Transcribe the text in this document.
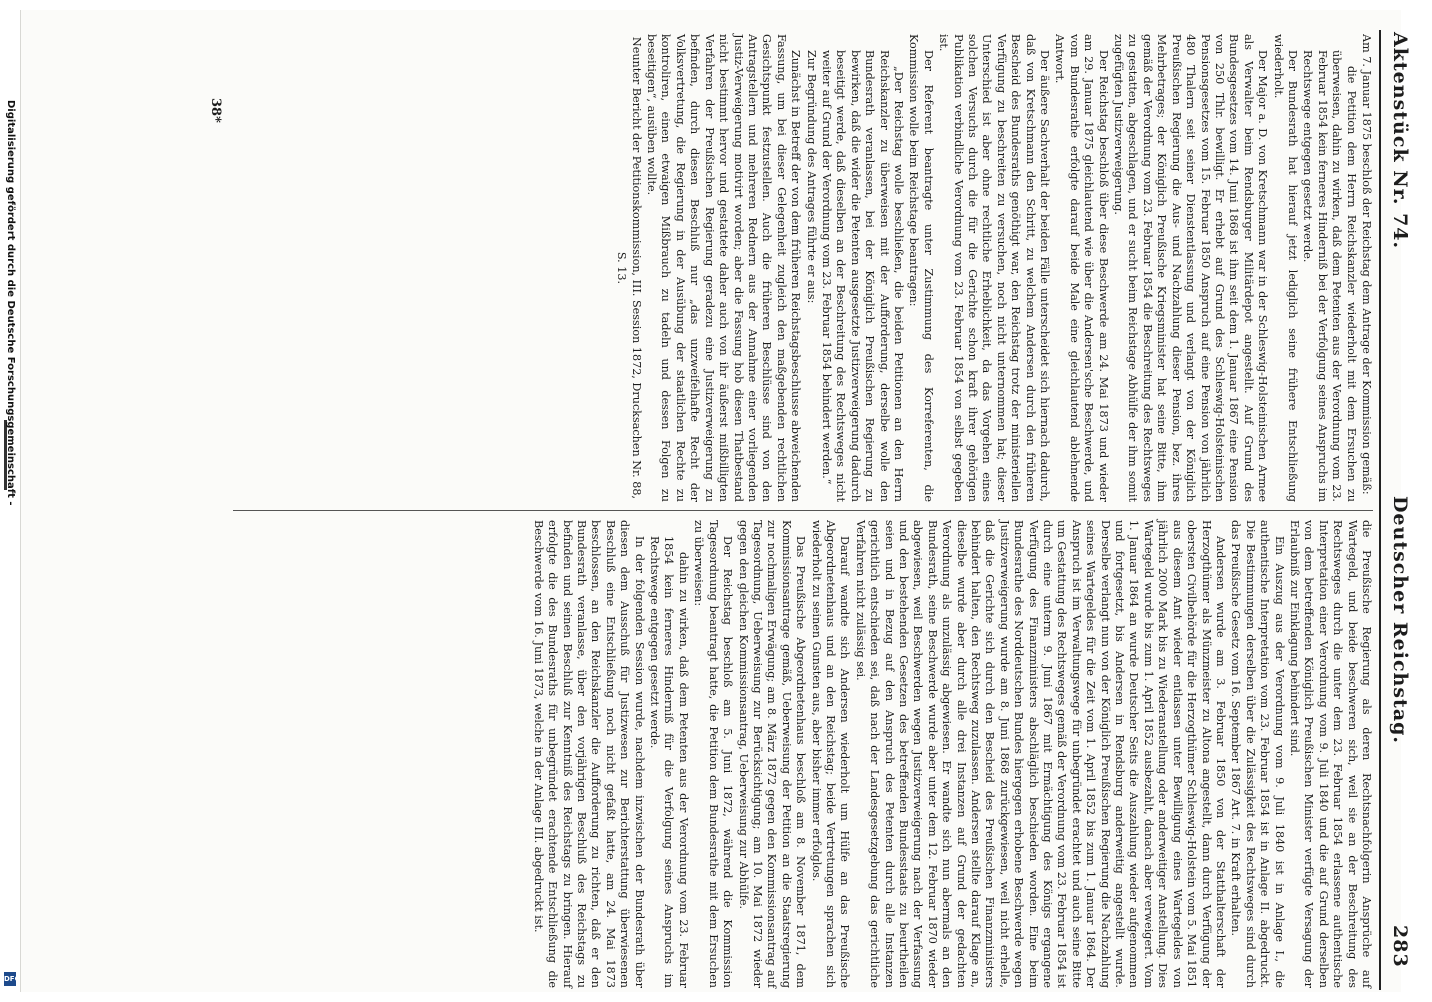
Aktenstück Nr. 74.
Deutscher Reichstag.
283

Am 7. Januar 1875 beschloß der Reichstag dem Antrage der Kommission gemäß:

die Petition dem Herrn Reichskanzler wiederholt mit dem Ersuchen zu überweisen, dahin zu wirken, daß dem Petenten aus der Verordnung vom 23. Februar 1854 kein ferneres Hinderniß bei der Verfolgung seines Anspruchs im Rechtswege entgegen gesetzt werde.

Der Bundesrath hat hierauf jetzt lediglich seine frühere Entschließung wiederholt.

Der Major a. D. von Kretschmann war in der Schleswig-Holsteinischen Armee als Verwalter beim Rendsburger Militärdepot angestellt. Auf Grund des Bundesgesetzes vom 14. Juni 1868 ist ihm seit dem 1. Januar 1867 eine Pension von 250 Thlr. bewilligt. Er erhebt auf Grund des Schleswig-Holsteinischen Pensionsgesetzes vom 15. Februar 1850 Anspruch auf eine Pension von jährlich 480 Thalern seit seiner Dienstentlassung und verlangt von der Königlich Preußischen Regierung die Aus- und Nachzahlung dieser Pension, bez. ihres Mehrbetrages; der Königlich Preußische Kriegsminister hat seine Bitte, ihm gemäß der Verordnung vom 23. Februar 1854 die Beschreitung des Rechtsweges zu gestatten, abgeschlagen, und er sucht beim Reichstage Abhülfe der ihm somit zugefügten Justizverweigerung.

Der Reichstag beschloß über diese Beschwerde am 24. Mai 1873 und wieder am 29. Januar 1875 gleichlautend wie über die Andersen'sche Beschwerde, und vom Bundesrathe erfolgte darauf beide Male eine gleichlautend ablehnende Antwort.

Der äußere Sachverhalt der beiden Fälle unterscheidet sich hiernach dadurch, daß von Kretschmann den Schritt, zu welchem Andersen durch den früheren Bescheid des Bundesraths genöthigt war, den Reichstag trotz der ministeriellen Verfügung zu beschreiten zu versuchen, noch nicht unternommen hat; dieser Unterschied ist aber ohne rechtliche Erheblichkeit, da das Vorgehen eines solchen Versuchs durch die für die Gerichte schon kraft ihrer gehörigen Publikation verbindliche Verordnung vom 23. Februar 1854 von selbst gegeben ist.

Der Referent beantragte unter Zustimmung des Korreferenten, die Kommission wolle beim Reichstage beantragen:

„Der Reichstag wolle beschließen, die beiden Petitionen an den Herrn Reichskanzler zu überweisen mit der Aufforderung, derselbe wolle den Bundesrath veranlassen, bei der Königlich Preußischen Regierung zu bewirken, daß die wider die Petenten ausgesetzte Justizverweigerung dadurch beseitigt werde, daß dieselben an der Beschreitung des Rechtsweges nicht weiter auf Grund der Verordnung vom 23. Februar 1854 behindert werden.“

Zur Begründung des Antrages führte er aus:

Zunächst in Betreff der von dem früheren Reichstagsbeschlusse abweichenden Fassung, um bei dieser Gelegenheit zugleich den maßgebenden rechtlichen Gesichtspunkt festzustellen. Auch die früheren Beschlüsse sind von den Antragstellern und mehreren Rednern aus der Annahme einer vorliegenden Justiz-Verweigerung motivirt worden; aber die Fassung hob diesen Thatbestand nicht bestimmt hervor und gestattete daher auch von ihr äußerst mißbilligten Verfahren der Preußischen Regierung geradezu eine Justizverweigerung zu befinden, durch diesen Beschluß nur „das unzweifelhafte Recht der Volksvertretung, die Regierung in der Ausübung der staatlichen Rechte zu kontroliren, einen etwaigen Mißbrauch zu tadeln und dessen Folgen zu beseitigen“, ausüben wollte.

Neunter Bericht der Petitionskommission, III. Session 1872, Drucksachen Nr. 88, S. 13.

die Preußische Regierung als deren Rechtsnachfolgerin Ansprüche auf Wartegeld, und beide beschweren sich, weil sie an der Beschreitung des Rechtsweges durch die unter dem 23. Februar 1854 erlassene authentische Interpretation einer Verordnung vom 9. Juli 1840 und die auf Grund derselben von dem betreffenden Königlich Preußischen Minister verfügte Versagung der Erlaubniß zur Einklagung behindert sind.

Ein Auszug aus der Verordnung vom 9. Juli 1840 ist in Anlage I., die authentische Interpretation vom 23. Februar 1854 ist in Anlage II. abgedruckt. Die Bestimmungen derselben über die Zulässigkeit des Rechtsweges sind durch das Preußische Gesetz vom 16. September 1867 Art. 7. in Kraft erhalten.

Andersen wurde am 3. Februar 1850 von der Statthalterschaft der Herzogthümer als Münzmeister zu Altona angestellt, dann durch Verfügung der obersten Civilbehörde für die Herzogthümer Schleswig-Holstein vom 5. Mai 1851 aus diesem Amt wieder entlassen unter Bewilligung eines Wartegeldes von jährlich 2000 Mark bis zu Wiederanstellung oder anderweitiger Anstellung. Dies Wartegeld wurde bis zum 1. April 1852 ausbezahlt, danach aber verweigert. Vom 1. Januar 1864 an wurde Deutscher Seits die Auszahlung wieder aufgenommen und fortgesetzt, bis Andersen in Rendsburg anderweitig angestellt wurde. Derselbe verlangt nun von der Königlich Preußischen Regierung die Nachzahlung seines Wartegeldes für die Zeit vom 1. April 1852 bis zum 1. Januar 1864. Der Anspruch ist im Verwaltungswege für unbegründet erachtet und auch seine Bitte um Gestattung des Rechtsweges gemäß der Verordnung vom 23. Februar 1854 ist durch eine unterm 9. Juni 1867 mit Ermächtigung des Königs ergangene Verfügung des Finanzministers abschläglich beschieden worden. Eine beim Bundesrathe des Norddeutschen Bundes hiergegen erhobene Beschwerde wegen Justizverweigerung wurde am 8. Juni 1868 zurückgewiesen, weil nicht erhelle, daß die Gerichte sich durch den Bescheid des Preußischen Finanzministers behindert halten, den Rechtsweg zuzulassen. Andersen stellte darauf Klage an, dieselbe wurde aber durch alle drei Instanzen auf Grund der gedachten Verordnung als unzulässig abgewiesen. Er wandte sich nun abermals an den Bundesrath, seine Beschwerde wurde aber unter dem 12. Februar 1870 wieder abgewiesen, weil Beschwerden wegen Justizverweigerung nach der Verfassung und den bestehenden Gesetzen des betreffenden Bundesstaats zu beurtheilen seien und in Bezug auf den Anspruch des Petenten durch alle Instanzen gerichtlich entschieden sei, daß nach der Landesgesetzgebung das gerichtliche Verfahren nicht zulässig sei.

Darauf wandte sich Andersen wiederholt um Hülfe an das Preußische Abgeordnetenhaus und an den Reichstag; beide Vertretungen sprachen sich wiederholt zu seinen Gunsten aus, aber bisher immer erfolglos.

Das Preußische Abgeordnetenhaus beschloß am 8. November 1871, dem Kommissionsantrage gemäß, Ueberweisung der Petition an die Staatsregierung zur nochmaligen Erwägung; am 8. März 1872 gegen den Kommissionsantrag auf Tagesordnung, Ueberweisung zur Berücksichtigung; am 10. Mai 1872 wieder gegen den gleichen Kommissionsantrag, Ueberweisung zur Abhülfe.

Der Reichstag beschloß am 5. Juni 1872, während die Kommission Tagesordnung beantragt hatte, die Petition dem Bundesrathe mit dem Ersuchen zu überweisen:

dahin zu wirken, daß dem Petenten aus der Verordnung vom 23. Februar 1854 kein ferneres Hinderniß für die Verfolgung seines Anspruchs im Rechtswege entgegen gesetzt werde.

In der folgenden Session wurde, nachdem inzwischen der Bundesrath über diesen dem Ausschuß für Justizwesen zur Berichterstattung überwiesenen Beschluß eine Entschließung noch nicht gefaßt hatte, am 24. Mai 1873 beschlossen, an den Reichskanzler die Aufforderung zu richten, daß er den Bundesrath veranlasse, über den vorjährigen Beschluß des Reichstags zu befinden und seinen Beschluß zur Kenntniß des Reichstags zu bringen. Hierauf erfolgte die des Bundesraths für unbegründet erachtende Entschließung die Beschwerde vom 16. Juni 1873, welche in der Anlage III. abgedruckt ist.

38*
Digitalisierung gefördert durch die Deutsche Forschungsgemeinschaft -
DFG
